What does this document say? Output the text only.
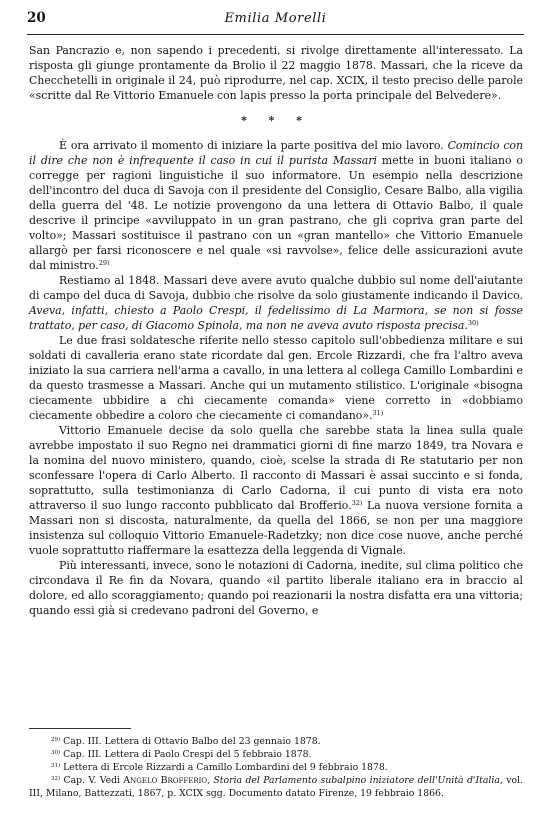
20	Emilia Morelli

San Pancrazio e, non sapendo i precedenti, si rivolge direttamente all'interessato. La risposta gli giunge prontamente da Brolio il 22 maggio 1878. Massari, che la riceve da Checchetelli in originale il 24, può riprodurre, nel cap. XCIX, il testo preciso delle parole «scritte dal Re Vittorio Emanuele con lapis presso la porta principale del Belvedere».

* * *

È ora arrivato il momento di iniziare la parte positiva del mio lavoro. Cominciо con il dire che non è infrequente il caso in cui il purista Massari mette in buoni italiano o corregge per ragioni linguistiche il suo informatore. Un esempio nella descrizione dell'incontro del duca di Savoja con il presidente del Consiglio, Cesare Balbo, alla vigilia della guerra del '48. Le notizie provengono da una lettera di Ottavio Balbo, il quale descrive il principe «avviluppato in un gran pastrano, che gli copriva gran parte del volto»; Massari sostituisce il pastrano con un «gran mantello» che Vittorio Emanuele allargò per farsi riconoscere e nel quale «si ravvolse», felice delle assicurazioni avute dal ministro.$^{29)}$

Restiamo al 1848. Massari deve avere avuto qualche dubbio sul nome dell'aiutante di campo del duca di Savoja, dubbio che risolve da solo giustamente indicando il Davico. Aveva, infatti, chiesto a Paolo Crespi, il fedelissimo di La Marmora, se non si fosse trattato, per caso, di Giacomo Spinola, ma non ne aveva avuto risposta precisa.$^{30)}$

Le due frasi soldatesche riferite nello stesso capitolo sull'obbedienza militare e sui soldati di cavalleria erano state ricordate dal gen. Ercole Rizzardi, che fra l'altro aveva iniziato la sua carriera nell'arma a cavallo, in una lettera al collega Camillo Lombardini e da questo trasmesse a Massari. Anche qui un mutamento stilistico. L'originale «bisogna ciecamente ubbidire a chi ciecamente comanda» viene corretto in «dobbiamo ciecamente obbedire a coloro che ciecamente ci comandano».$^{31)}$

Vittorio Emanuele decise da solo quella che sarebbe stata la linea sulla quale avrebbe impostato il suo Regno nei drammatici giorni di fine marzo 1849, tra Novara e la nomina del nuovo ministero, quando, cioè, scelse la strada di Re statutario per non sconfessare l'opera di Carlo Alberto. Il racconto di Massari è assai succinto e si fonda, soprattutto, sulla testimonianza di Carlo Cadorna, il cui punto di vista era noto attraverso il suo lungo racconto pubblicato dal Brofferio.$^{32)}$ La nuova versione fornita a Massari non si discosta, naturalmente, da quella del 1866, se non per una maggiore insistenza sul colloquio Vittorio Emanuele-Radetzky; non dice cose nuove, anche perché vuole soprattutto riaffermare la esattezza della leggenda di Vignale.

Più interessanti, invece, sono le notazioni di Cadorna, inedite, sul clima politico che circondava il Re fin da Novara, quando «il partito liberale italiano era in braccio al dolore, ed allo scoraggiamento; quando poi reazionarii la nostra disfatta era una vittoria; quando essi già si credevano padroni del Governo, e

$^{29)}$ Cap. III. Lettera di Ottavio Balbo del 23 gennaio 1878.

$^{30)}$ Cap. III. Lettera di Paolo Crespi del 5 febbraio 1878.

$^{31)}$ Lettera di Ercole Rizzardi a Camillo Lombardini del 9 febbraio 1878.

$^{32)}$ Cap. V. Vedi Angelo Brofferio, Storia del Parlamento subalpino iniziatore dell'Unità d'Italia, vol. III, Milano, Battezzati, 1867, p. XCIX sgg. Documento datato Firenze, 19 febbraio 1866.
